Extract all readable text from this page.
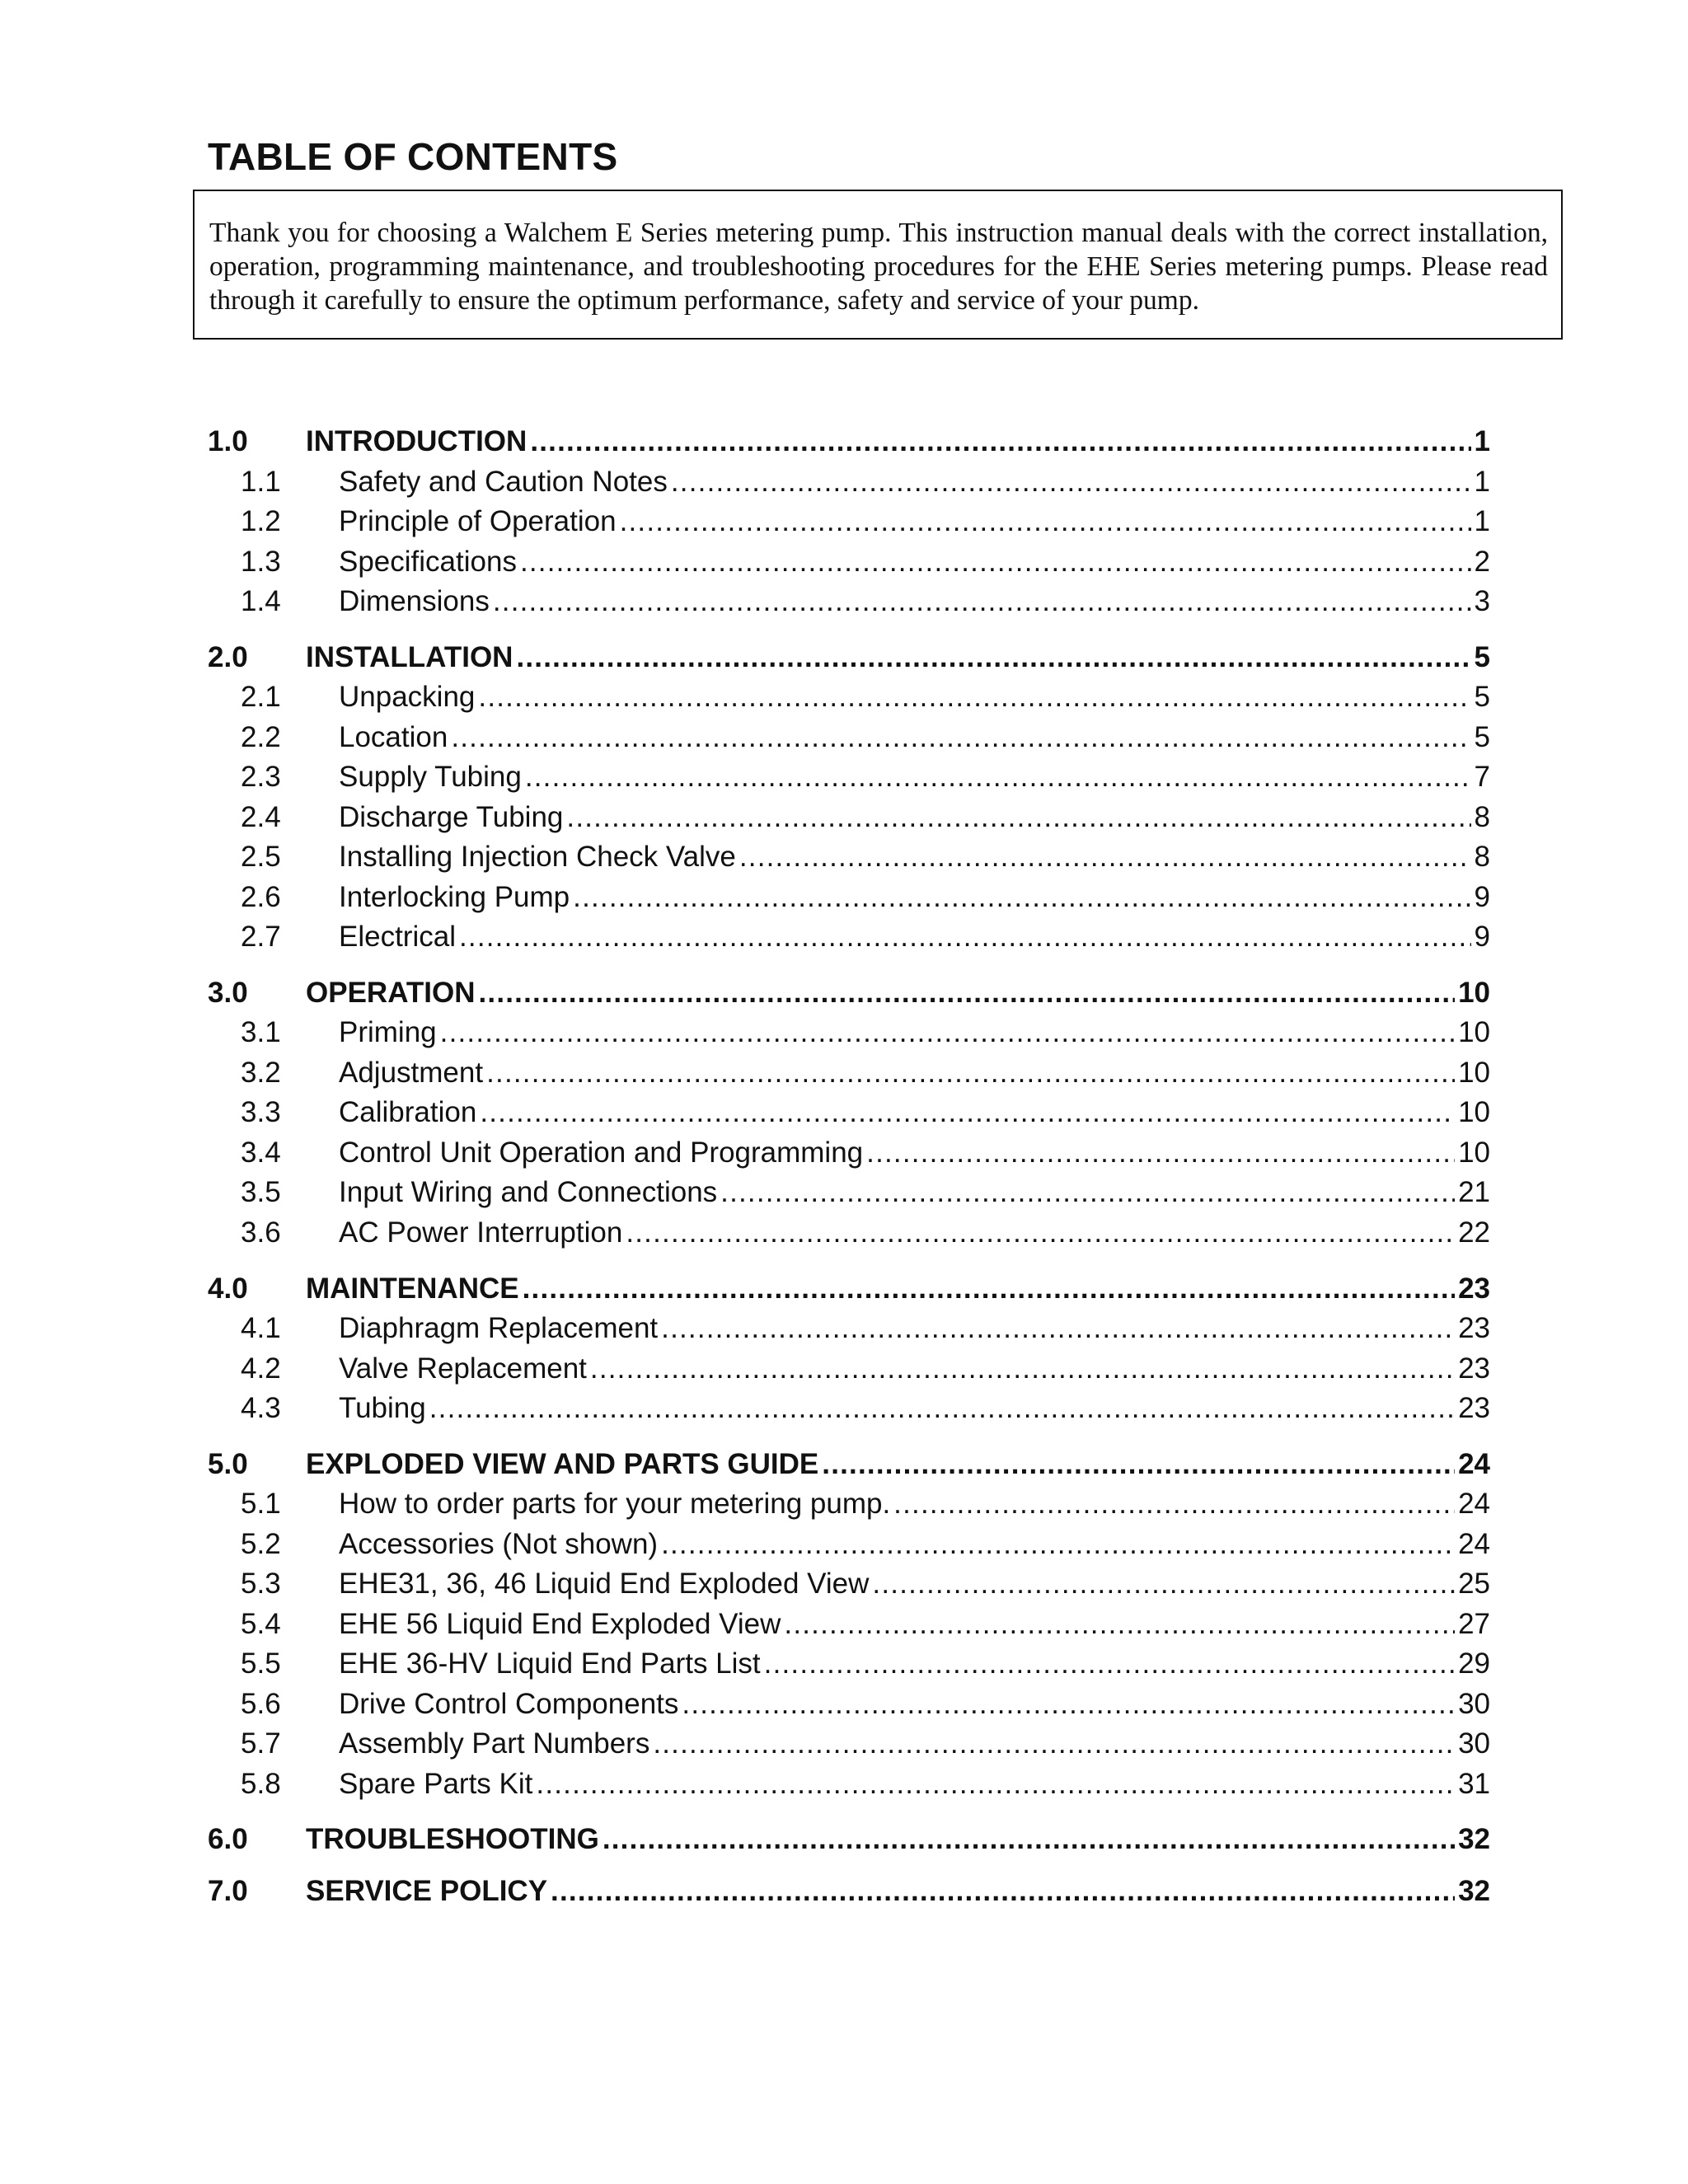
TABLE OF CONTENTS
Thank you for choosing a Walchem E Series metering pump. This instruction manual deals with the correct installation, operation, programming maintenance, and troubleshooting procedures for the EHE Series metering pumps. Please read through it carefully to ensure the optimum performance, safety and service of your pump.
1.0	INTRODUCTION .....	1
1.1	Safety and Caution Notes .....	1
1.2	Principle of Operation .....	1
1.3	Specifications .....	2
1.4	Dimensions .....	3
2.0	INSTALLATION .....	5
2.1	Unpacking .....	5
2.2	Location .....	5
2.3	Supply Tubing .....	7
2.4	Discharge Tubing .....	8
2.5	Installing Injection Check Valve .....	8
2.6	Interlocking Pump .....	9
2.7	Electrical .....	9
3.0	OPERATION .....	10
3.1	Priming .....	10
3.2	Adjustment .....	10
3.3	Calibration .....	10
3.4	Control Unit Operation and Programming .....	10
3.5	Input Wiring and Connections .....	21
3.6	AC Power Interruption .....	22
4.0	MAINTENANCE .....	23
4.1	Diaphragm Replacement .....	23
4.2	Valve Replacement .....	23
4.3	Tubing .....	23
5.0	EXPLODED VIEW AND PARTS GUIDE .....	24
5.1	How to order parts for your metering pump. .....	24
5.2	Accessories (Not shown) .....	24
5.3	EHE31, 36, 46 Liquid End Exploded View .....	25
5.4	EHE 56 Liquid End Exploded View .....	27
5.5	EHE 36-HV Liquid End Parts List .....	29
5.6	Drive Control Components .....	30
5.7	Assembly Part Numbers .....	30
5.8	Spare Parts Kit .....	31
6.0	TROUBLESHOOTING .....	32
7.0	SERVICE POLICY .....	32
